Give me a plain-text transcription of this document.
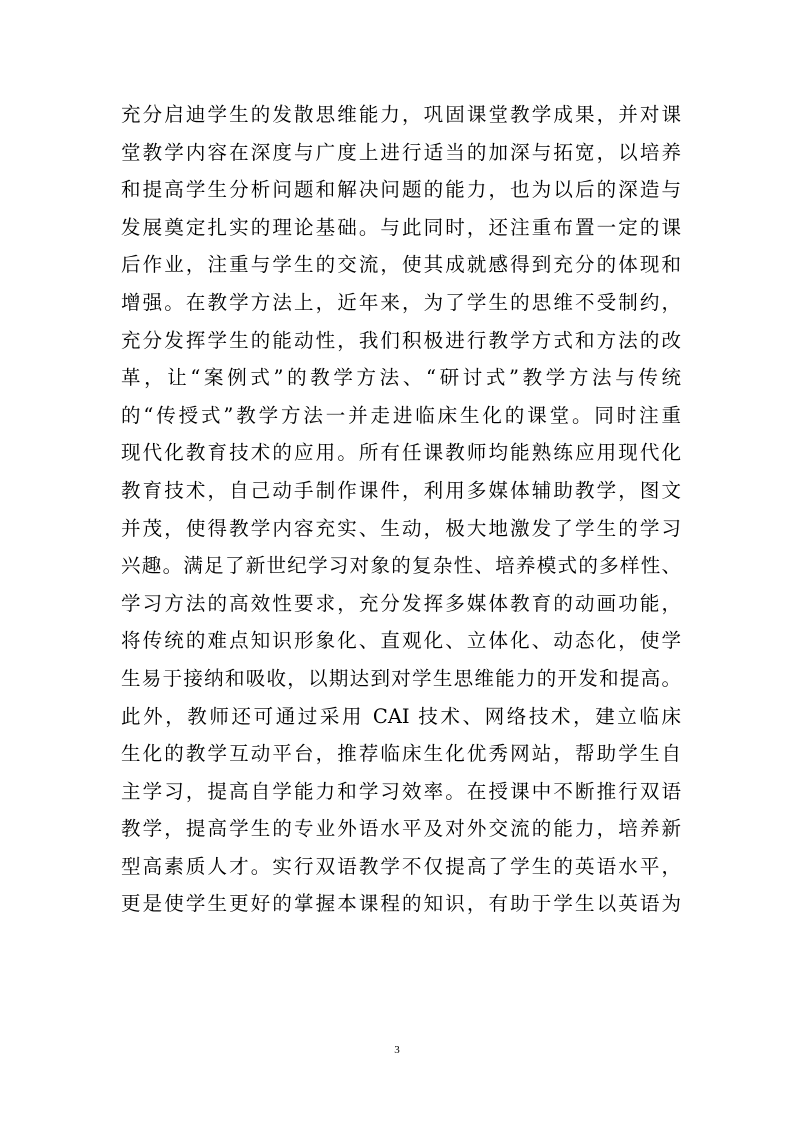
充分启迪学生的发散思维能力，巩固课堂教学成果，并对课
堂教学内容在深度与广度上进行适当的加深与拓宽，以培养
和提高学生分析问题和解决问题的能力，也为以后的深造与
发展奠定扎实的理论基础。与此同时，还注重布置一定的课
后作业，注重与学生的交流，使其成就感得到充分的体现和
增强。在教学方法上，近年来，为了学生的思维不受制约，
充分发挥学生的能动性，我们积极进行教学方式和方法的改
革，让“案例式”的教学方法、“研讨式”教学方法与传统
的“传授式”教学方法一并走进临床生化的课堂。同时注重
现代化教育技术的应用。所有任课教师均能熟练应用现代化
教育技术，自己动手制作课件，利用多媒体辅助教学，图文
并茂，使得教学内容充实、生动，极大地激发了学生的学习
兴趣。满足了新世纪学习对象的复杂性、培养模式的多样性、
学习方法的高效性要求，充分发挥多媒体教育的动画功能，
将传统的难点知识形象化、直观化、立体化、动态化，使学
生易于接纳和吸收，以期达到对学生思维能力的开发和提高。
此外，教师还可通过采用 CAI 技术、网络技术，建立临床
生化的教学互动平台，推荐临床生化优秀网站，帮助学生自
主学习，提高自学能力和学习效率。在授课中不断推行双语
教学，提高学生的专业外语水平及对外交流的能力，培养新
型高素质人才。实行双语教学不仅提高了学生的英语水平，
更是使学生更好的掌握本课程的知识，有助于学生以英语为
3
